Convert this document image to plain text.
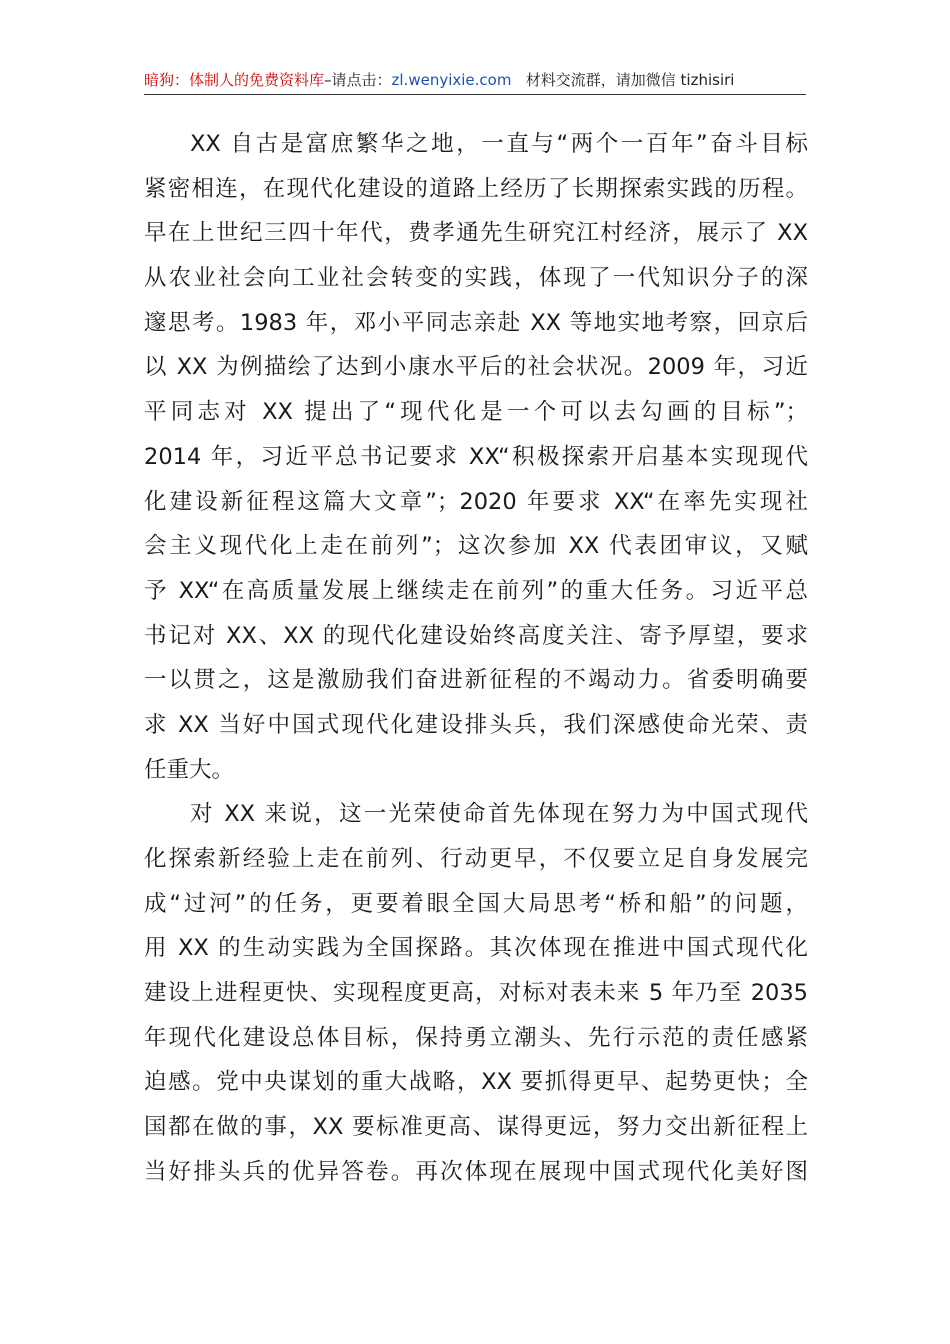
暗狗：体制人的免费资料库–请点击：zl.wenyixie.com 材料交流群，请加微信 tizhisiri
XX 自古是富庶繁华之地，一直与“两个一百年”奋斗目标
紧密相连，在现代化建设的道路上经历了长期探索实践的历程。
早在上世纪三四十年代，费孝通先生研究江村经济，展示了 XX
从农业社会向工业社会转变的实践，体现了一代知识分子的深
邃思考。1983 年，邓小平同志亲赴 XX 等地实地考察，回京后
以 XX 为例描绘了达到小康水平后的社会状况。2009 年，习近
平同志对 XX 提出了“现代化是一个可以去勾画的目标”；
2014 年，习近平总书记要求 XX“积极探索开启基本实现现代
化建设新征程这篇大文章”；2020 年要求 XX“在率先实现社
会主义现代化上走在前列”；这次参加 XX 代表团审议，又赋
予 XX“在高质量发展上继续走在前列”的重大任务。习近平总
书记对 XX、XX 的现代化建设始终高度关注、寄予厚望，要求
一以贯之，这是激励我们奋进新征程的不竭动力。省委明确要
求 XX 当好中国式现代化建设排头兵，我们深感使命光荣、责
任重大。
对 XX 来说，这一光荣使命首先体现在努力为中国式现代
化探索新经验上走在前列、行动更早，不仅要立足自身发展完
成“过河”的任务，更要着眼全国大局思考“桥和船”的问题，
用 XX 的生动实践为全国探路。其次体现在推进中国式现代化
建设上进程更快、实现程度更高，对标对表未来 5 年乃至 2035
年现代化建设总体目标，保持勇立潮头、先行示范的责任感紧
迫感。党中央谋划的重大战略，XX 要抓得更早、起势更快；全
国都在做的事，XX 要标准更高、谋得更远，努力交出新征程上
当好排头兵的优异答卷。再次体现在展现中国式现代化美好图
